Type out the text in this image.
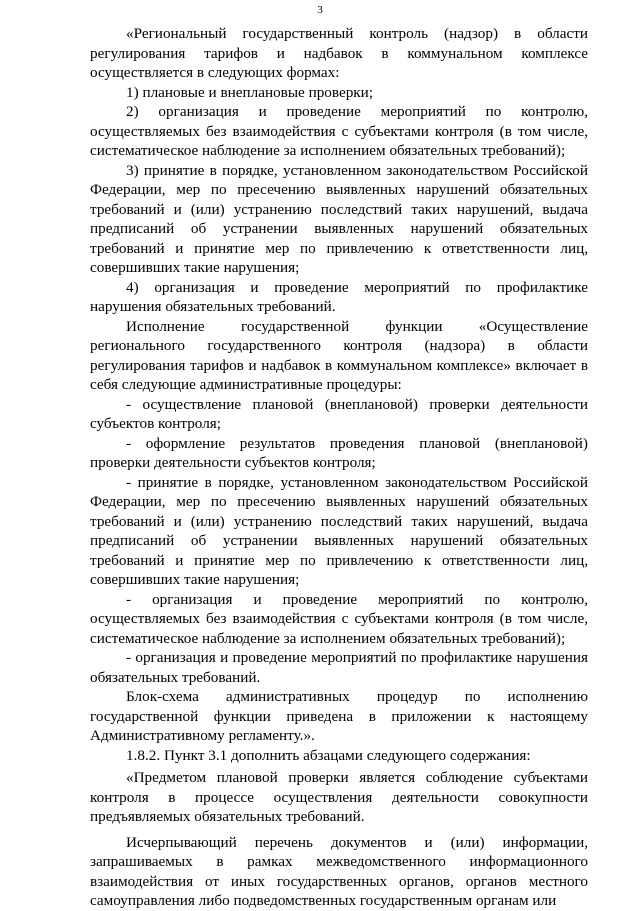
3

«Региональный государственный контроль (надзор) в области регулирования тарифов и надбавок в коммунальном комплексе осуществляется в следующих формах:

1) плановые и внеплановые проверки;

2) организация и проведение мероприятий по контролю, осуществляемых без взаимодействия с субъектами контроля (в том числе, систематическое наблюдение за исполнением обязательных требований);

3) принятие в порядке, установленном законодательством Российской Федерации, мер по пресечению выявленных нарушений обязательных требований и (или) устранению последствий таких нарушений, выдача предписаний об устранении выявленных нарушений обязательных требований и принятие мер по привлечению к ответственности лиц, совершивших такие нарушения;

4) организация и проведение мероприятий по профилактике нарушения обязательных требований.

Исполнение государственной функции «Осуществление регионального государственного контроля (надзора) в области регулирования тарифов и надбавок в коммунальном комплексе» включает в себя следующие административные процедуры:

- осуществление плановой (внеплановой) проверки деятельности субъектов контроля;

- оформление результатов проведения плановой (внеплановой) проверки деятельности субъектов контроля;

- принятие в порядке, установленном законодательством Российской Федерации, мер по пресечению выявленных нарушений обязательных требований и (или) устранению последствий таких нарушений, выдача предписаний об устранении выявленных нарушений обязательных требований и принятие мер по привлечению к ответственности лиц, совершивших такие нарушения;

- организация и проведение мероприятий по контролю, осуществляемых без взаимодействия с субъектами контроля (в том числе, систематическое наблюдение за исполнением обязательных требований);

- организация и проведение мероприятий по профилактике нарушения обязательных требований.

Блок-схема административных процедур по исполнению государственной функции приведена в приложении к настоящему Административному регламенту.».

1.8.2. Пункт 3.1 дополнить абзацами следующего содержания:

«Предметом плановой проверки является соблюдение субъектами контроля в процессе осуществления деятельности совокупности предъявляемых обязательных требований.

Исчерпывающий перечень документов и (или) информации, запрашиваемых в рамках межведомственного информационного взаимодействия от иных государственных органов, органов местного самоуправления либо подведомственных государственным органам или
